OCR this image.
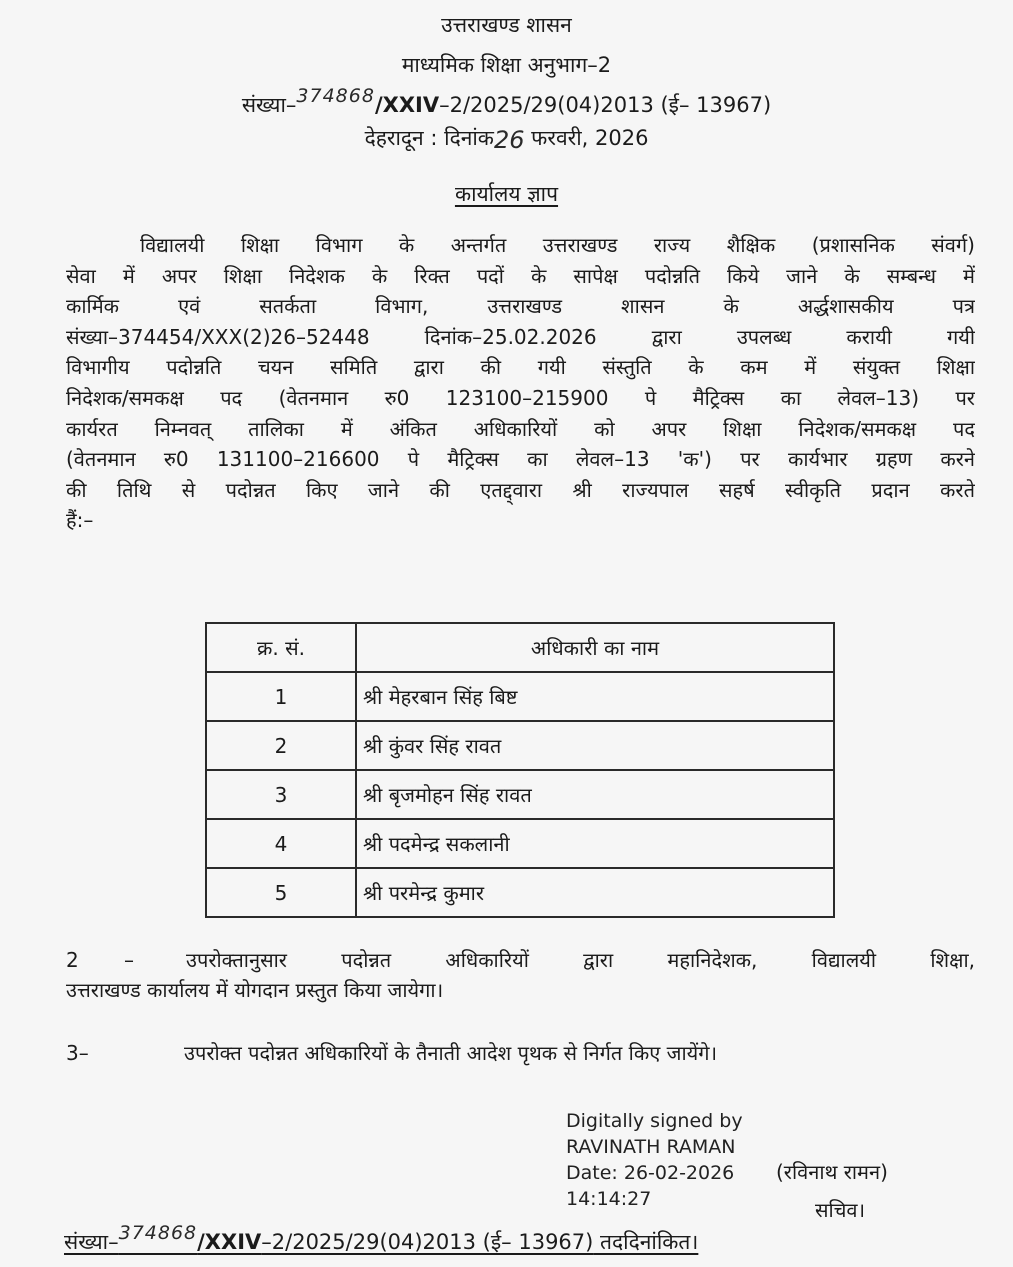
उत्तराखण्ड शासन
माध्यमिक शिक्षा अनुभाग–2
संख्या–374868/XXIV–2/2025/29(04)2013 (ई– 13967)
देहरादून : दिनांक26 फरवरी, 2026
कार्यालय ज्ञाप
विद्यालयी शिक्षा विभाग के अन्तर्गत उत्तराखण्ड राज्य शैक्षिक (प्रशासनिक संवर्ग)
सेवा में अपर शिक्षा निदेशक के रिक्त पदों के सापेक्ष पदोन्नति किये जाने के सम्बन्ध में
कार्मिक एवं सतर्कता विभाग, उत्तराखण्ड शासन के अर्द्धशासकीय पत्र
संख्या–374454/XXX(2)26–52448 दिनांक–25.02.2026 द्वारा उपलब्ध करायी गयी
विभागीय पदोन्नति चयन समिति द्वारा की गयी संस्तुति के कम में संयुक्त शिक्षा
निदेशक/समकक्ष पद (वेतनमान रु0 123100–215900 पे मैट्रिक्स का लेवल–13) पर
कार्यरत निम्नवत् तालिका में अंकित अधिकारियों को अपर शिक्षा निदेशक/समकक्ष पद
(वेतनमान रु0 131100–216600 पे मैट्रिक्स का लेवल–13 'क') पर कार्यभार ग्रहण करने
की तिथि से पदोन्नत किए जाने की एतद्द्वारा श्री राज्यपाल सहर्ष स्वीकृति प्रदान करते
हैं:–
क्र. सं.	अधिकारी का नाम
1	श्री मेहरबान सिंह बिष्ट
2	श्री कुंवर सिंह रावत
3	श्री बृजमोहन सिंह रावत
4	श्री पदमेन्द्र सकलानी
5	श्री परमेन्द्र कुमार
2	–	उपरोक्तानुसार पदोन्नत अधिकारियों द्वारा महानिदेशक, विद्यालयी शिक्षा,
उत्तराखण्ड कार्यालय में योगदान प्रस्तुत किया जायेगा।
3–	उपरोक्त पदोन्नत अधिकारियों के तैनाती आदेश पृथक से निर्गत किए जायेंगे।
Digitally signed by
RAVINATH RAMAN
Date: 26-02-2026
14:14:27
(रविनाथ रामन)
सचिव।
संख्या–374868/XXIV–2/2025/29(04)2013 (ई– 13967) तददिनांकित।
